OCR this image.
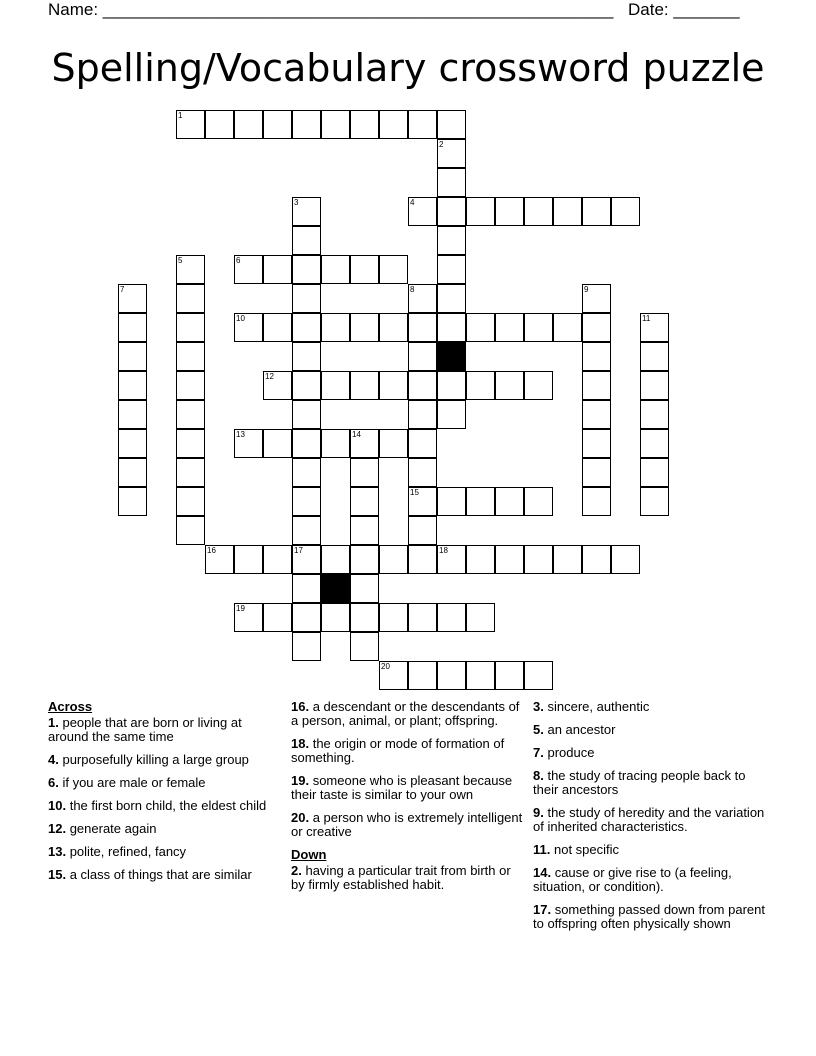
Name: ______________________________________________________ Date: _______
Spelling/Vocabulary crossword puzzle
1
2
3	4
5	6
7	8	9
10	11
12
13	14
15
16	17	18
19
20
Across
1. people that are born or living at around the same time
4. purposefully killing a large group
6. if you are male or female
10. the first born child, the eldest child
12. generate again
13. polite, refined, fancy
15. a class of things that are similar
16. a descendant or the descendants of a person, animal, or plant; offspring.
18. the origin or mode of formation of something.
19. someone who is pleasant because their taste is similar to your own
20. a person who is extremely intelligent or creative
Down
2. having a particular trait from birth or by firmly established habit.
3. sincere, authentic
5. an ancestor
7. produce
8. the study of tracing people back to their ancestors
9. the study of heredity and the variation of inherited characteristics.
11. not specific
14. cause or give rise to (a feeling, situation, or condition).
17. something passed down from parent to offspring often physically shown
